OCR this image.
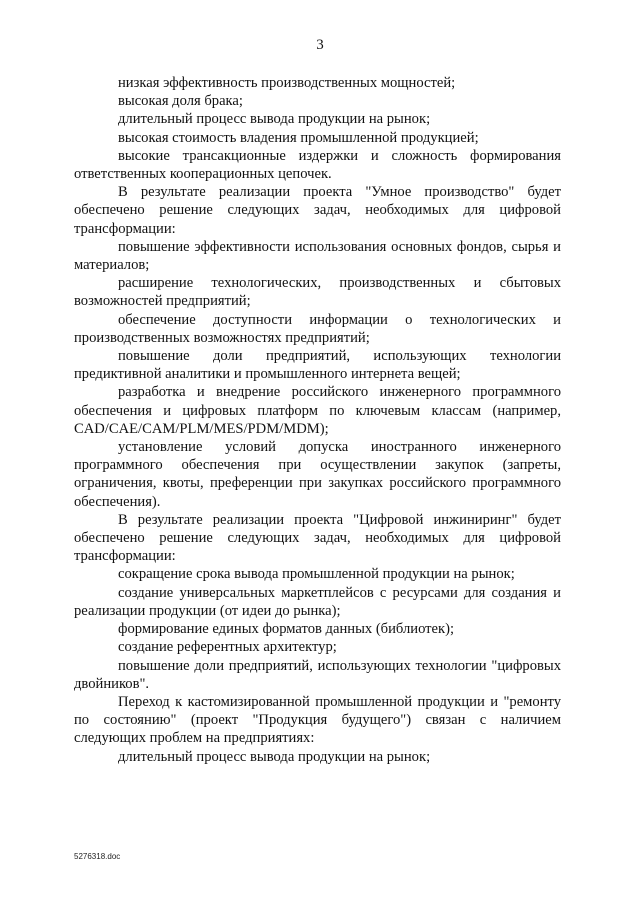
3

низкая эффективность производственных мощностей;

высокая доля брака;

длительный процесс вывода продукции на рынок;

высокая стоимость владения промышленной продукцией;

высокие трансакционные издержки и сложность формирования ответственных кооперационных цепочек.

В результате реализации проекта "Умное производство" будет обеспечено решение следующих задач, необходимых для цифровой трансформации:

повышение эффективности использования основных фондов, сырья и материалов;

расширение технологических, производственных и сбытовых возможностей предприятий;

обеспечение доступности информации о технологических и производственных возможностях предприятий;

повышение доли предприятий, использующих технологии предиктивной аналитики и промышленного интернета вещей;

разработка и внедрение российского инженерного программного обеспечения и цифровых платформ по ключевым классам (например, CAD/CAE/CAM/PLM/MES/PDM/MDM);

установление условий допуска иностранного инженерного программного обеспечения при осуществлении закупок (запреты, ограничения, квоты, преференции при закупках российского программного обеспечения).

В результате реализации проекта "Цифровой инжиниринг" будет обеспечено решение следующих задач, необходимых для цифровой трансформации:

сокращение срока вывода промышленной продукции на рынок;

создание универсальных маркетплейсов с ресурсами для создания и реализации продукции (от идеи до рынка);

формирование единых форматов данных (библиотек);

создание референтных архитектур;

повышение доли предприятий, использующих технологии "цифровых двойников".

Переход к кастомизированной промышленной продукции и "ремонту по состоянию" (проект "Продукция будущего") связан с наличием следующих проблем на предприятиях:

длительный процесс вывода продукции на рынок;

5276318.doc
